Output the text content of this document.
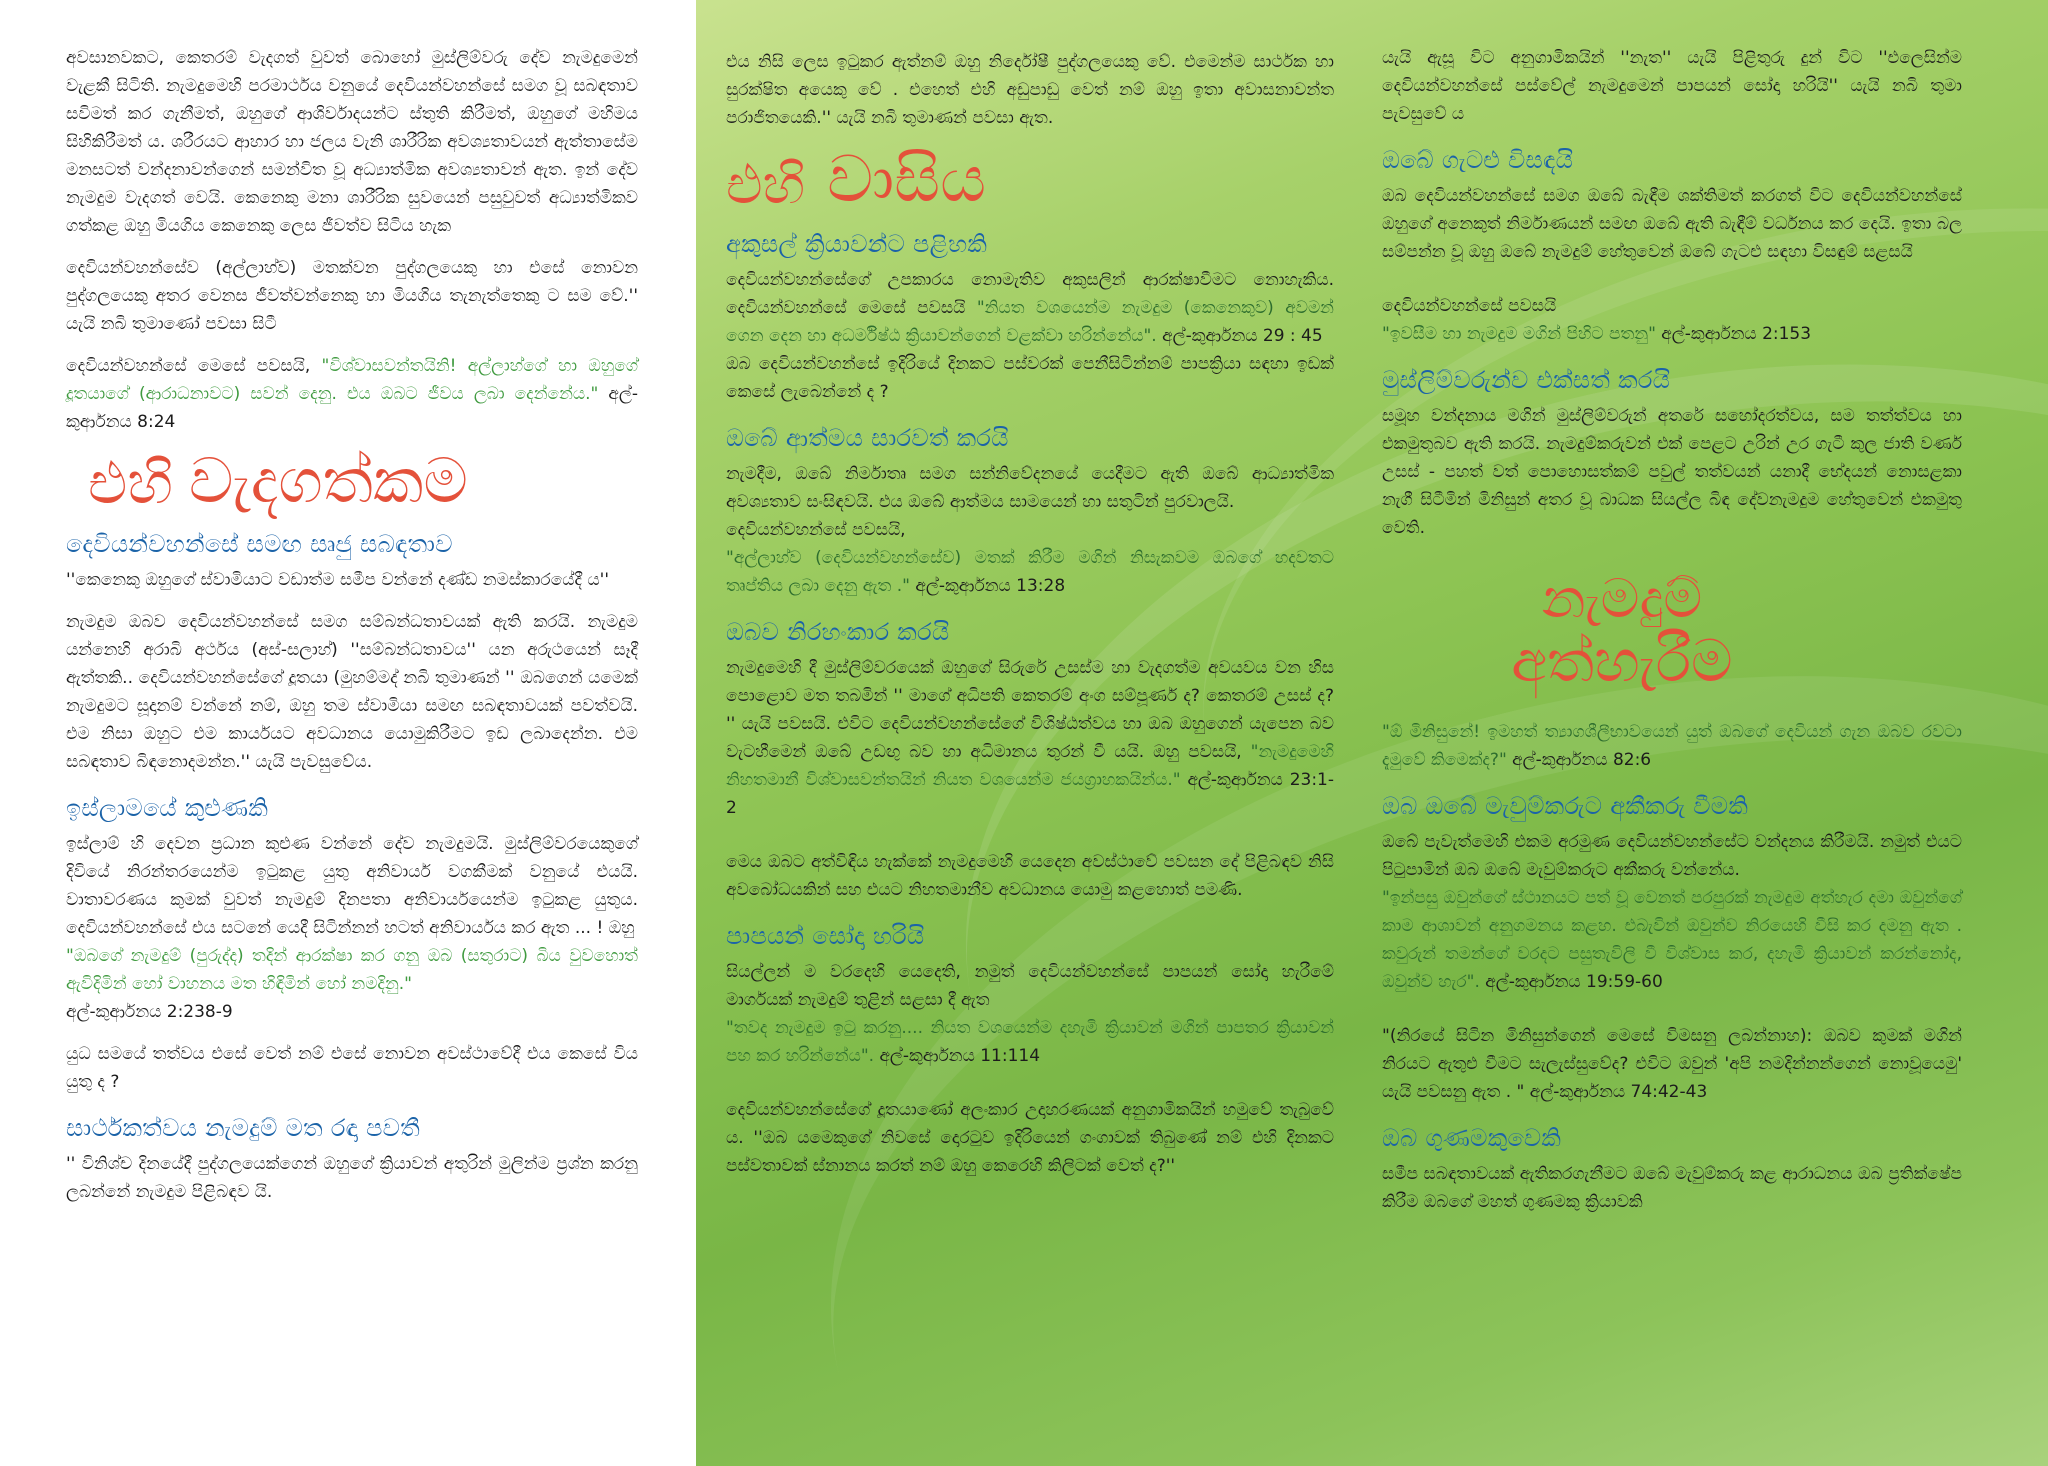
අවසානවකට, කෙතරම් වැදගත් වුවත් බොහෝ මුස්ලිම්වරු දේව නැමදුමෙන් වැළකී සිටිති. නැමදුමෙහි පරමාර්ථය වනුයේ දෙවියන්වහන්සේ සමග වූ සබඳතාව සවිමත් කර ගැනීමත්, ඔහුගේ ආශිර්වාදයන්ට ස්තුති කිරීමත්, ඔහුගේ මහිමය සිහිකිරීමත් ය. ශරීරයට ආහාර හා ජලය වැනි ශාරීරික අවශ්‍යතාවයන් ඇත්තාසේම මනසටත් වන්දනාවන්ගෙන් සමන්විත වූ අධ්‍යාත්මික අවශ්‍යතාවන් ඇත. ඉන් දේව නැමදුම වැදගත් වෙයි. කෙනෙකු මනා ශාරීරික සුවයෙන් පසුවුවත් අධ්‍යාත්මිකව ගත්කළ ඔහු මියගිය කෙනෙකු ලෙස ජීවත්ව සිටිය හැක

දෙවියන්වහන්සේව (අල්ලාහ්ව) මතක්වන පුද්ගලයෙකු හා එසේ නොවන පුද්ගලයෙකු අතර වෙනස ජීවත්වන්නෙකු හා මියගිය තැනැත්තෙකු ට සම වේ.'' යැයි නබි තුමාණෝ පවසා සිටී

දෙවියන්වහන්සේ මෙසේ පවසයි, "විශ්වාසවන්තයිනි! අල්ලාහ්ගේ හා ඔහුගේ දූතයාගේ (ආරාධනාවට) සවන් දෙනු. එය ඔබට ජීවය ලබා දෙන්නේය." අල්-කුර්ආනය 8:24

එහි වැදගත්කම
දෙවියන්වහන්සේ සමඟ සෘජු සබඳතාව

''කෙනෙකු ඔහුගේ ස්වාමියාට වඩාත්ම සමීප වන්නේ දණ්ඩ නමස්කාරයේදී ය''

නැමදුම ඔබව දෙවියන්වහන්සේ සමග සම්බන්ධතාවයක් ඇති කරයි. නැමදුම යන්නෙහි අරාබි අර්ථය (අස්-සලාහ්) ''සම්බන්ධතාවය'' යන අරුථයෙන් සෑදී ඇත්තකි.. දෙවියන්වහන්සේගේ දූතයා (මුහම්මද් නබි තුමාණන් '' ඔබගෙන් යමෙක් නැමදුමට සූදානම් වන්නේ නම්, ඔහු තම ස්වාමියා සමඟ සබඳතාවයක් පවත්වයි. එම නිසා ඔහුට එම කාර්යයට අවධානය යොමුකිරීමට ඉඩ ලබාදෙන්න. එම සබඳතාව බිඳනොදමන්න.'' යැයි පැවසුවේය.

ඉස්ලාමයේ කුළුණකි

ඉස්ලාම් හි දෙවන ප්‍රධාන කුළුණ වන්නේ දේව නැමදුමයි. මුස්ලිම්වරයෙකුගේ දිවියේ නිරන්තරයෙන්ම ඉටුකළ යුතු අනිවාර්ය වගකීමක් වනුයේ එයයි. වාතාවරණය කුමක් වුවත් නැමදුම් දිනපතා අනිවාර්යයෙන්ම ඉටුකළ යුතුය. දෙවියන්වහන්සේ එය සටනේ යෙදී සිටින්නන් හටත් අනිවාර්යය කර ඇත ... ! ඔහු

"ඔබගේ නැමදුම් (පුරුද්ද) තදින් ආරක්ෂා කර ගනු ඔබ (සතුරාට) බිය වුවහොත් ඇවිදිමින් හෝ වාහනය මත හිඳිමින් හෝ නමදිනු."

අල්-කුර්ආනය 2:238-9

යුධ සමයේ තත්වය එසේ වෙත් නම් එසේ නොවන අවස්ථාවේදී එය කෙසේ විය යුතු ද ?

සාර්ථකත්වය නැමදුම් මත රඳා පවතී

'' විනිශ්ච දිනයේදී පුද්ගලයෙක්ගෙන් ඔහුගේ ක්‍රියාවන් අතුරින් මුලින්ම ප්‍රශ්න කරනු ලබන්නේ නැමදුම පිළිබඳව යි.

එය නිසි ලෙස ඉටුකර ඇත්නම් ඔහු නිර්දෝෂී පුද්ගලයෙකු වේ. එමෙන්ම සාර්ථක හා සුරක්ෂිත අයෙකු වේ . එහෙත් එහි අඩුපාඩු වෙත් නම් ඔහු ඉතා අවාසනාවන්ත පරාජිතයෙකි.'' යැයි නබි තුමාණන් පවසා ඇත.

එහි වාසිය
අකුසල් ක්‍රියාවන්ට පළිහකි

දෙවියන්වහන්සේගේ උපකාරය නොමැතිව අකුසලින් ආරක්ෂාවීමට නොහැකිය. දෙවියන්වහන්සේ මෙසේ පවසයි "නියත වශයෙන්ම නැමදුම (කෙනෙකුව) අවමන් ගෙන දෙන හා අධර්මිෂ්ඨ ක්‍රියාවන්ගෙන් වළක්වා හරින්නේය". අල්-කුර්ආනය 29 : 45

ඔබ දෙවියන්වහන්සේ ඉදිරියේ දිනකට පස්වරක් පෙනීසිටින්නම් පාපක්‍රියා සඳහා ඉඩක් කෙසේ ලැබෙන්නේ ද ?

ඔබේ ආත්මය සාරවත් කරයි

නැමදීම, ඔබේ නිර්මාතෘ සමග සන්නිවේදනයේ යෙදීමට ඇති ඔබේ ආධ්‍යාත්මික අවශ්‍යතාව සංසිඳවයි. එය ඔබේ ආත්මය සාමයෙන් හා සතුටින් පුරවාලයි.

දෙවියන්වහන්සේ පවසයි,

"අල්ලාහ්ව (දෙවියන්වහන්සේව) මතක් කිරීම මගින් නිසැකවම ඔබගේ හදවතට තෘප්තිය ලබා දෙනු ඇත ." අල්-කුර්ආනය 13:28

ඔබව නිරහංකාර කරයි

නැමදුමෙහි දී මුස්ලිම්වරයෙක් ඔහුගේ සිරුරේ උසස්ම හා වැදගත්ම අවයවය වන හිස පොළොව මත තබමින් '' මාගේ අධිපති කෙතරම් අංග සම්පූර්ණ ද? කෙතරම් උසස් ද? '' යැයි පවසයි. එවිට දෙවියන්වහන්සේගේ විශිෂ්ඨත්වය හා ඔබ ඔහුගෙන් යැපෙන බව වැටහීමෙන් ඔබේ උඩඟු බව හා අධිමානය තුරන් වී යයි. ඔහු පවසයි, "නැමදුමෙහි නිහතමානී විශ්වාසවන්තයින් නියත වශයෙන්ම ජයග්‍රාහකයින්ය." අල්-කුර්ආනය 23:1-2

මෙය ඔබට අත්විඳිය හැක්කේ නැමදුමෙහි යෙදෙන අවස්ථාවේ පවසන දේ පිළිබඳව නිසි අවබෝධයකින් සහ එයට නිහතමානීව අවධානය යොමු කළහොත් පමණි.

පාපයන් සෝදා හරියි

සියල්ලන් ම වරදෙහි යෙදෙති, නමුත් දෙවියන්වහන්සේ පාපයන් සෝදා හැරීමේ මාර්ගයක් නැමදුම් තුළින් සළසා දී ඇත

"තවද නැමදුම ඉටු කරනු.... නියත වශයෙන්ම දහැමි ක්‍රියාවන් මගින් පාපතර ක්‍රියාවන් පහ කර හරින්නේය". අල්-කුර්ආනය 11:114

දෙවියන්වහන්සේගේ දූතයාණෝ අලංකාර උදාහරණයක් අනුගාමිකයින් හමුවේ තැබුවේ ය. ''ඔබ යමෙකුගේ නිවසේ දොරටුව ඉදිරියෙන් ගංගාවක් තිබුණේ නම් එහි දිනකට පස්වතාවක් ස්නානය කරත් නම් ඔහු කෙරෙහි කිලිටක් වෙත් ද?''

යැයි ඇසූ විට අනුගාමිකයින් ''නැත'' යැයි පිළිතුරු දුන් විට ''එලෙසින්ම දෙවියන්වහන්සේ පස්වේල් නැමදුමෙන් පාපයන් සෝදා හරියි'' යැයි නබි තුමා පැවසුවේ ය

ඔබේ ගැටළු විසඳයි

ඔබ දෙවියන්වහන්සේ සමග ඔබේ බැඳීම ශක්තිමත් කරගත් විට දෙවියන්වහන්සේ ඔහුගේ අනෙකුත් නිර්මාණයන් සමඟ ඔබේ ඇති බැඳීම් වර්ධනය කර දෙයි. ඉතා බල සම්පන්න වූ ඔහු ඔබේ නැමදුම් හේතුවෙන් ඔබේ ගැටළු සඳහා විසඳුම් සළසයි

දෙවියන්වහන්සේ පවසයි

"ඉවසීම හා නැමදුම මගින් පිහිට පතනු" අල්-කුර්ආනය 2:153

මුස්ලිම්වරුන්ව එක්සත් කරයි

සමූහ වන්දනාය මගින් මුස්ලිම්වරුන් අතරේ සහෝදරත්වය, සම තත්ත්වය හා එකමුතුබව ඇති කරයි. නැමදුම්කරුවන් එක් පෙළට උරින් උර ගැටී කුල ජාති වර්ණ උසස් - පහත් වත් පොහොසත්කම් පවුල් තත්වයන් යනාදී භේදයන් නොසළකා නැගී සිටීමින් මිනිසුන් අතර වූ බාධක සියල්ල බිඳ දේවනැමදුම හේතුවෙන් එකමුතු වෙති.

නැමදුම්
අත්හැරීම

"ඕ මිනිසුනේ! ඉමහත් ත්‍යාගශීලීභාවයෙන් යුත් ඔබගේ දෙවියන් ගැන ඔබව රවටා දැමුවේ කිමෙක්ද?" අල්-කුර්ආනය 82:6

ඔබ ඔබේ මැවුම්කරුට අකීකරු වීමකි

ඔබේ පැවැත්මෙහි එකම අරමුණ දෙවියන්වහන්සේට වන්දනය කිරීමයි. නමුත් එයට පිටුපාමින් ඔබ ඔබේ මැවුම්කරුට අකීකරු වන්නේය.

"ඉන්පසු ඔවුන්ගේ ස්ථානයට පත් වූ වෙනත් පරපුරක් නැමදුම අත්හැර දමා ඔවුන්ගේ කාම ආශාවන් අනුගමනය කළහ. එබැවින් ඔවුන්ව නිරයෙහි වීසි කර දමනු ඇත . කවුරුන් තමන්ගේ වරදට පසුතැවිලි වී විශ්වාස කර, දහැමි ක්‍රියාවන් කරන්නෝද, ඔවුන්ව හැර". අල්-කුර්ආනය 19:59-60

"(නිරයේ සිටින මිනිසුන්ගෙන් මෙසේ විමසනු ලබන්නාහ): ඔබව කුමක් මගින් නිරයට ඇතුළු වීමට සැලැස්සුවේද? එවිට ඔවුන් 'අපි නමදින්නන්ගෙන් නොවූයෙමු' යැයි පවසනු ඇත . " අල්-කුර්ආනය 74:42-43

ඔබ ගුණමකුවෙකි

සමීප සබඳතාවයක් ඇතිකරගැනීමට ඔබේ මැවුම්කරු කළ ආරාධනය ඔබ ප්‍රතික්ෂේප කිරීම ඔබගේ මහත් ගුණමකු ක්‍රියාවකි
